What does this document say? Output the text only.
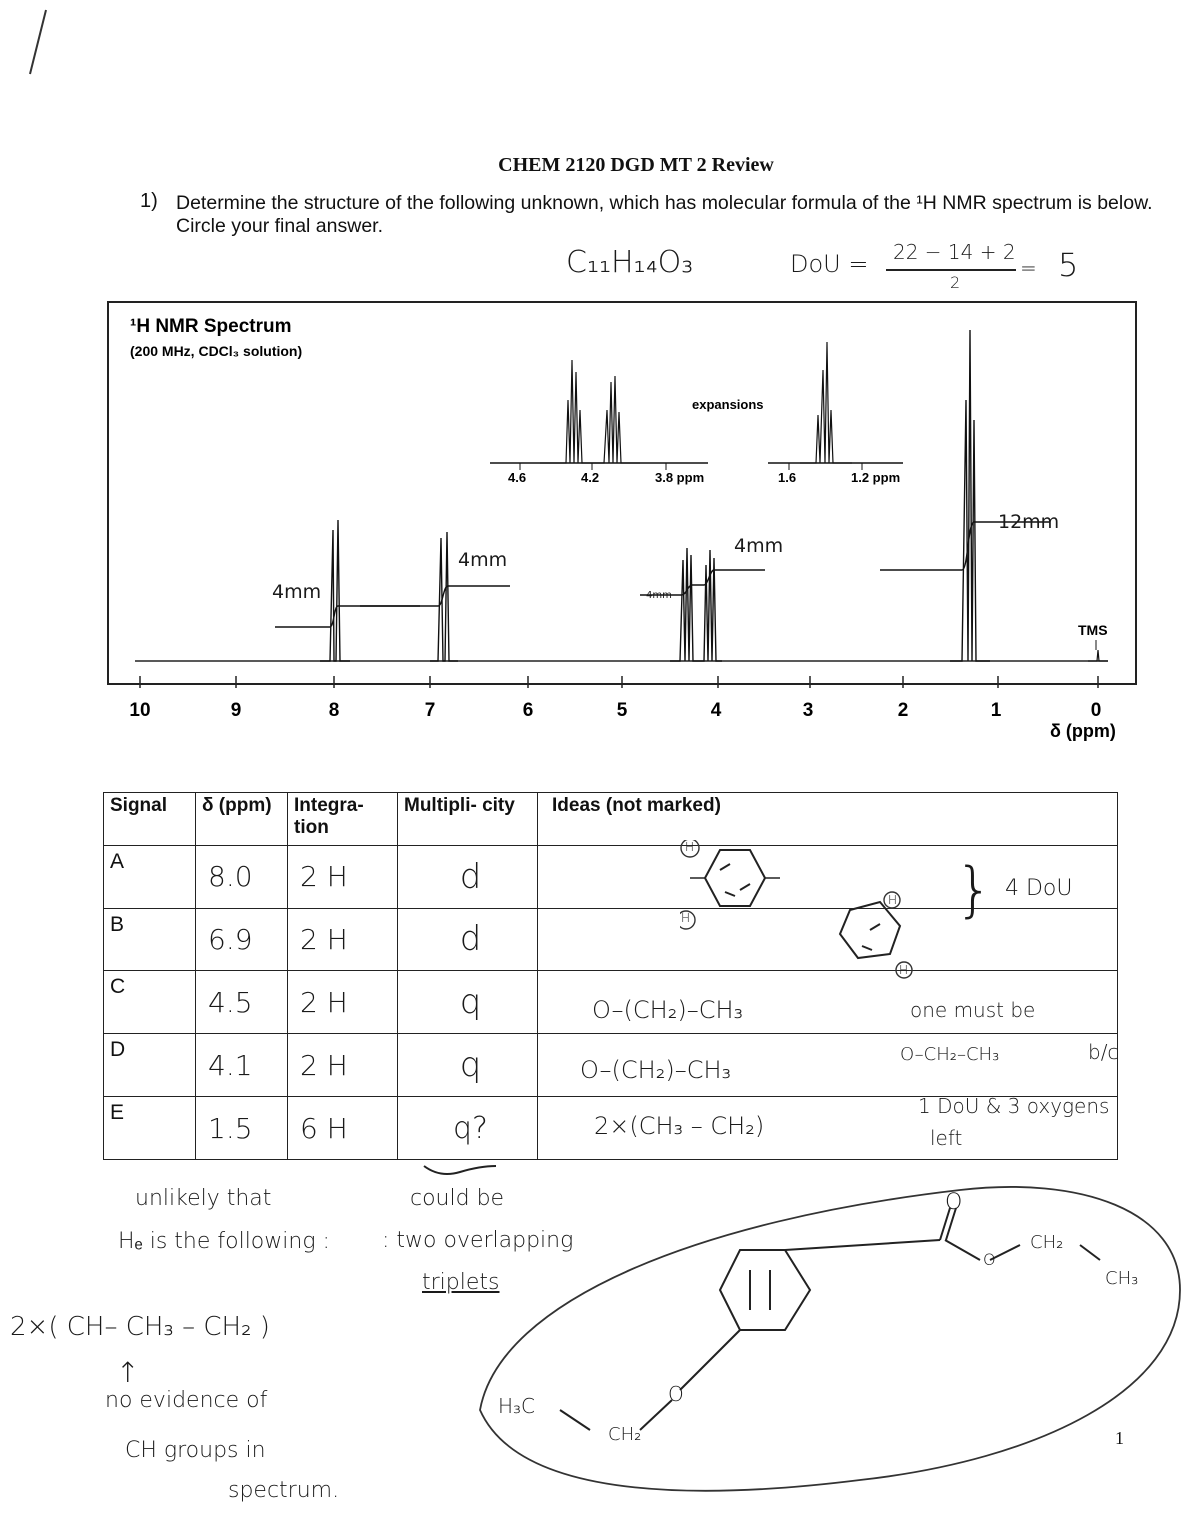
CHEM 2120 DGD MT 2 Review
1) Determine the structure of the following unknown, which has molecular formula of the ¹H NMR spectrum is below. Circle your final answer.
C₁₁H₁₄O₃	DoU = 22 − 14 + 2
2
= 5
¹H NMR Spectrum
(200 MHz, CDCl₃ solution)
expansions
4.6	4.2	3.8 ppm	1.6	1.2 ppm
TMS
10	9	8	7	6	5	4	3	2	1	0
δ (ppm)
4mm
4mm
4mm
4mm
12mm
Signal	δ (ppm)	Integra- tion	Multipli- city	Ideas (not marked)
A	8.0	2 H	d	
B	6.9	2 H	d	
C	4.5	2 H	q	
D	4.1	2 H	q	
E	1.5	6 H	q?	
H
H
H
H
} 4 DoU
O–(CH₂)–CH₃
O–(CH₂)–CH₃
2×(CH₃ – CH₂)
one must be
O–CH₂–CH₃	b/c
1 DoU & 3 oxygens
left
unlikely that
Hₑ is the following :
2×( CH– CH₃ – CH₂ )
↑
no evidence of
CH groups in
spectrum.
could be
: two overlapping
triplets
O
O
CH₂
CH₃
O
H₃C
CH₂	1
